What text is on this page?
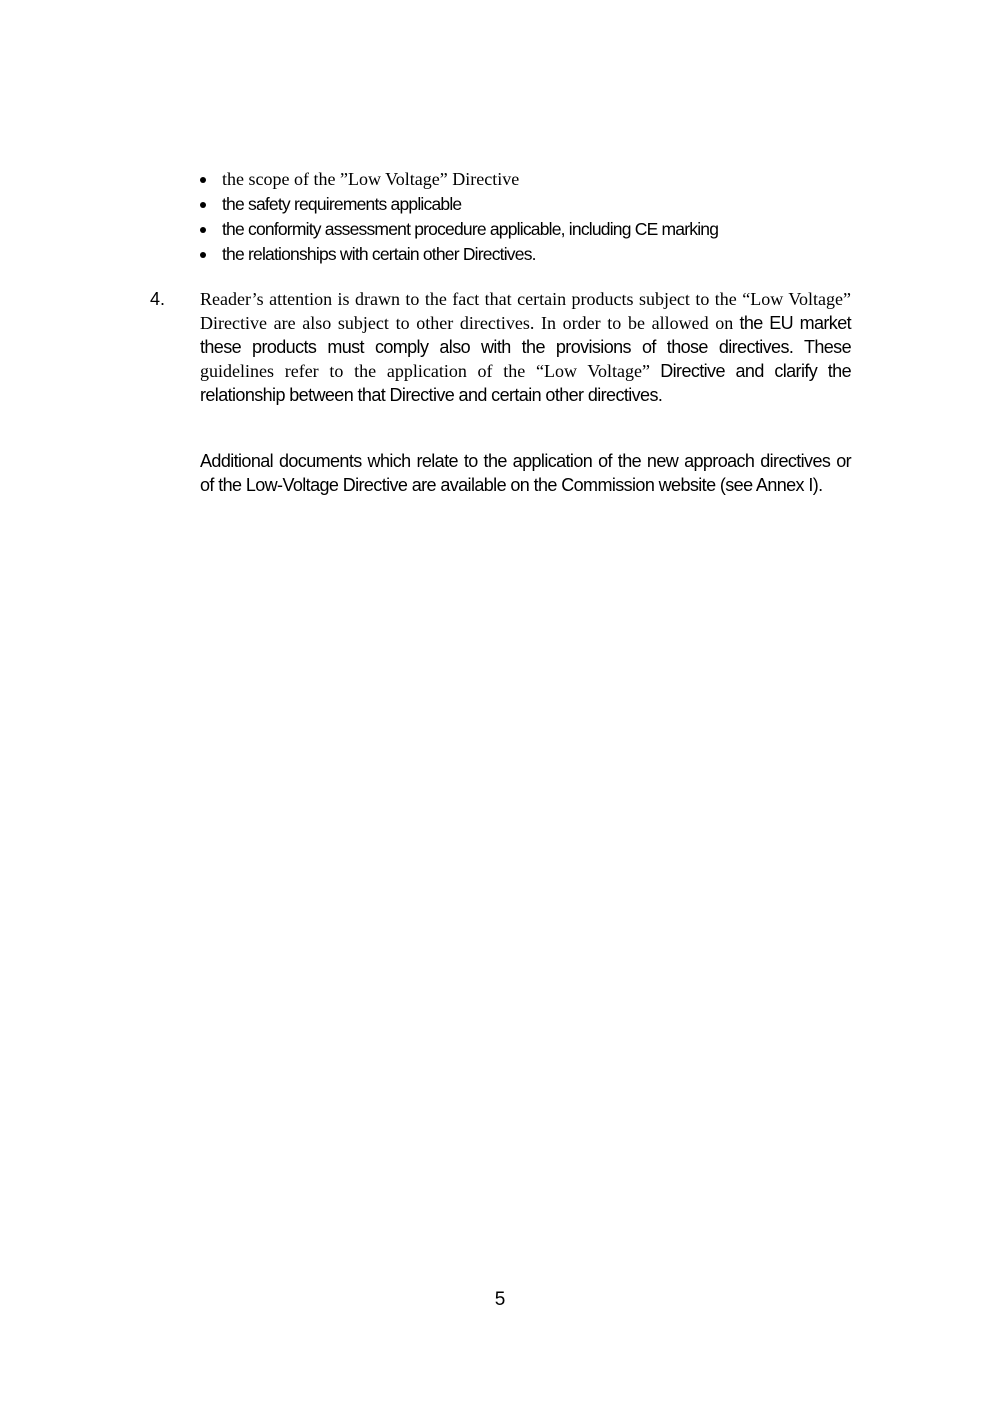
the scope of the ”Low Voltage” Directive
the safety requirements applicable
the conformity assessment procedure applicable, including CE marking
the relationships with certain other Directives.
4. Reader’s attention is drawn to the fact that certain products subject to the “Low Voltage” Directive are also subject to other directives. In order to be allowed on the EU market these products must comply also with the provisions of those directives. These guidelines refer to the application of the “Low Voltage” Directive and clarify the relationship between that Directive and certain other directives.

Additional documents which relate to the application of the new approach directives or of the Low-Voltage Directive are available on the Commission website (see Annex I).

5
